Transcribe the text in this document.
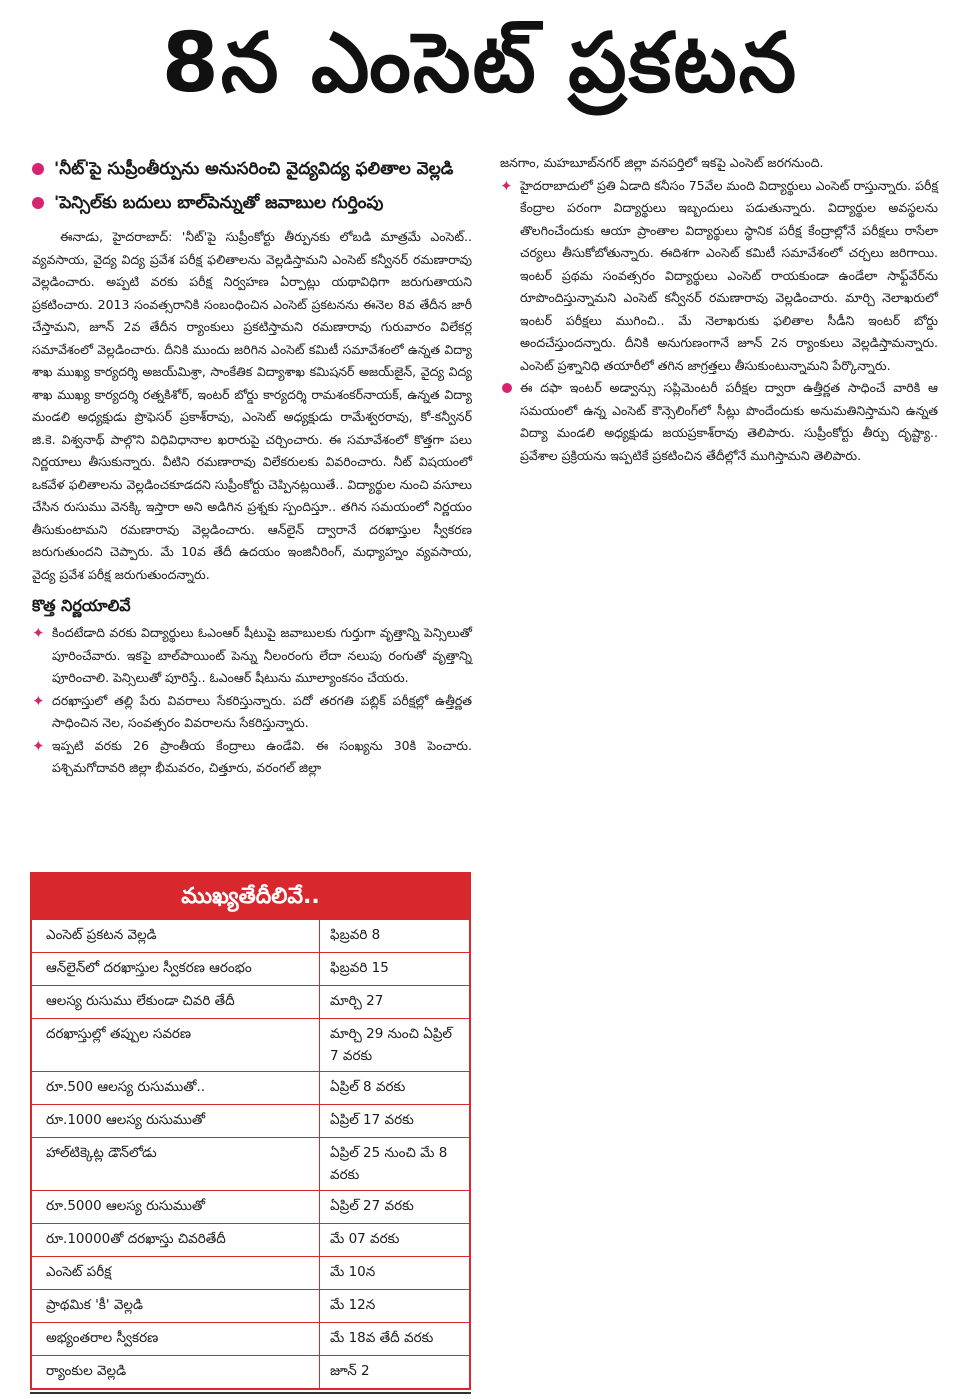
8న ఎంసెట్ ప్రకటన
'నీట్'పై సుప్రీంతీర్పును అనుసరించి వైద్యవిద్య ఫలితాల వెల్లడి
'పెన్సిల్‌కు బదులు బాల్‌పెన్నుతో జవాబుల గుర్తింపు

ఈనాడు, హైదరాబాద్: 'నీట్'పై సుప్రీంకోర్టు తీర్పునకు లోబడి మాత్రమే ఎంసెట్.. వ్యవసాయ, వైద్య విద్య ప్రవేశ పరీక్ష ఫలితాలను వెల్లడిస్తామని ఎంసెట్ కన్వీనర్ రమణారావు వెల్లడించారు. అప్పటి వరకు పరీక్ష నిర్వహణ ఏర్పాట్లు యథావిధిగా జరుగుతాయని ప్రకటించారు. 2013 సంవత్సరానికి సంబంధించిన ఎంసెట్ ప్రకటనను ఈనెల 8వ తేదీన జారీ చేస్తామని, జూన్ 2వ తేదీన ర్యాంకులు ప్రకటిస్తామని రమణారావు గురువారం విలేకర్ల సమావేశంలో వెల్లడించారు. దీనికి ముందు జరిగిన ఎంసెట్ కమిటీ సమావేశంలో ఉన్నత విద్యా శాఖ ముఖ్య కార్యదర్శి అజయ్‌మిశ్రా, సాంకేతిక విద్యాశాఖ కమిషనర్ అజయ్‌జైన్, వైద్య విద్య శాఖ ముఖ్య కార్యదర్శి రత్నకిశోర్, ఇంటర్ బోర్డు కార్యదర్శి రామశంకర్‌నాయక్, ఉన్నత విద్యా మండలి అధ్యక్షుడు ప్రొఫెసర్ ప్రకాశ్‌రావు, ఎంసెట్ అధ్యక్షుడు రామేశ్వరరావు, కో-కన్వీనర్ జి.కె. విశ్వనాథ్ పాల్గొని విధివిధానాల ఖరారుపై చర్చించారు. ఈ సమావేశంలో కొత్తగా పలు నిర్ణయాలు తీసుకున్నారు. వీటిని రమణారావు విలేకరులకు వివరించారు. నీట్ విషయంలో ఒకవేళ ఫలితాలను వెల్లడించకూడదని సుప్రీంకోర్టు చెప్పినట్లయితే.. విద్యార్థుల నుంచి వసూలు చేసిన రుసుము వెనక్కి ఇస్తారా అని అడిగిన ప్రశ్నకు స్పందిస్తూ.. తగిన సమయంలో నిర్ణయం తీసుకుంటామని రమణారావు వెల్లడించారు. ఆన్‌లైన్ ద్వారానే దరఖాస్తుల స్వీకరణ జరుగుతుందని చెప్పారు. మే 10వ తేదీ ఉదయం ఇంజినీరింగ్, మధ్యాహ్నం వ్యవసాయ, వైద్య ప్రవేశ పరీక్ష జరుగుతుందన్నారు.

కొత్త నిర్ణయాలివే

✦ కిందటేడాది వరకు విద్యార్థులు ఓఎంఆర్ షీటుపై జవాబులకు గుర్తుగా వృత్తాన్ని పెన్సిలుతో పూరించేవారు. ఇకపై బాల్‌పాయింట్ పెన్ను నీలంరంగు లేదా నలుపు రంగుతో వృత్తాన్ని పూరించాలి. పెన్సిలుతో పూరిస్తే.. ఓఎంఆర్ షీటును మూల్యాంకనం చేయరు.

✦ దరఖాస్తులో తల్లి పేరు వివరాలు సేకరిస్తున్నారు. పదో తరగతి పబ్లిక్ పరీక్షల్లో ఉత్తీర్ణత సాధించిన నెల, సంవత్సరం వివరాలను సేకరిస్తున్నారు.

✦ ఇప్పటి వరకు 26 ప్రాంతీయ కేంద్రాలు ఉండేవి. ఈ సంఖ్యను 30కి పెంచారు. పశ్చిమగోదావరి జిల్లా భీమవరం, చిత్తూరు, వరంగల్ జిల్లా

జనగాం, మహబూబ్‌నగర్ జిల్లా వనపర్తిలో ఇకపై ఎంసెట్ జరగనుంది.

✦ హైదరాబాదులో ప్రతి ఏడాది కనీసం 75వేల మంది విద్యార్థులు ఎంసెట్ రాస్తున్నారు. పరీక్ష కేంద్రాల పరంగా విద్యార్థులు ఇబ్బందులు పడుతున్నారు. విద్యార్థుల అవస్థలను తొలగించేందుకు ఆయా ప్రాంతాల విద్యార్థులు స్థానిక పరీక్ష కేంద్రాల్లోనే పరీక్షలు రాసేలా చర్యలు తీసుకోబోతున్నారు. ఈదిశగా ఎంసెట్ కమిటీ సమావేశంలో చర్చలు జరిగాయి. ఇంటర్ ప్రథమ సంవత్సరం విద్యార్థులు ఎంసెట్ రాయకుండా ఉండేలా సాఫ్ట్‌వేర్‌ను రూపొందిస్తున్నామని ఎంసెట్ కన్వీనర్ రమణారావు వెల్లడించారు. మార్చి నెలాఖరులో ఇంటర్ పరీక్షలు ముగించి.. మే నెలాఖరుకు ఫలితాల సీడీని ఇంటర్ బోర్డు అందచేస్తుందన్నారు. దీనికి అనుగుణంగానే జూన్ 2న ర్యాంకులు వెల్లడిస్తామన్నారు. ఎంసెట్ ప్రశ్నానిధి తయారీలో తగిన జాగ్రత్తలు తీసుకుంటున్నామని పేర్కొన్నారు.

ఈ దఫా ఇంటర్ అడ్వాన్సు సప్లిమెంటరీ పరీక్షల ద్వారా ఉత్తీర్ణత సాధించే వారికి ఆ సమయంలో ఉన్న ఎంసెట్ కౌన్సెలింగ్‌లో సీట్లు పొందేందుకు అనుమతినిస్తామని ఉన్నత విద్యా మండలి అధ్యక్షుడు జయప్రకాశ్‌రావు తెలిపారు. సుప్రీంకోర్టు తీర్పు దృష్ట్యా.. ప్రవేశాల ప్రక్రియను ఇప్పటికే ప్రకటించిన తేదీల్లోనే ముగిస్తామని తెలిపారు.

ముఖ్యతేదీలివే..
ఎంసెట్ ప్రకటన వెల్లడి	ఫిబ్రవరి 8
ఆన్‌లైన్‌లో దరఖాస్తుల స్వీకరణ ఆరంభం	ఫిబ్రవరి 15
ఆలస్య రుసుము లేకుండా చివరి తేదీ	మార్చి 27
దరఖాస్తుల్లో తప్పుల సవరణ	మార్చి 29 నుంచి ఏప్రిల్ 7 వరకు
రూ.500 ఆలస్య రుసుముతో..	ఏప్రిల్ 8 వరకు
రూ.1000 ఆలస్య రుసుముతో	ఏప్రిల్ 17 వరకు
హాల్‌టిక్కెట్ల డౌన్‌లోడు	ఏప్రిల్ 25 నుంచి మే 8 వరకు
రూ.5000 ఆలస్య రుసుముతో	ఏప్రిల్ 27 వరకు
రూ.10000తో దరఖాస్తు చివరితేదీ	మే 07 వరకు
ఎంసెట్ పరీక్ష	మే 10న
ప్రాథమిక 'కీ' వెల్లడి	మే 12న
అభ్యంతరాల స్వీకరణ	మే 18వ తేదీ వరకు
ర్యాంకుల వెల్లడి	జూన్ 2
